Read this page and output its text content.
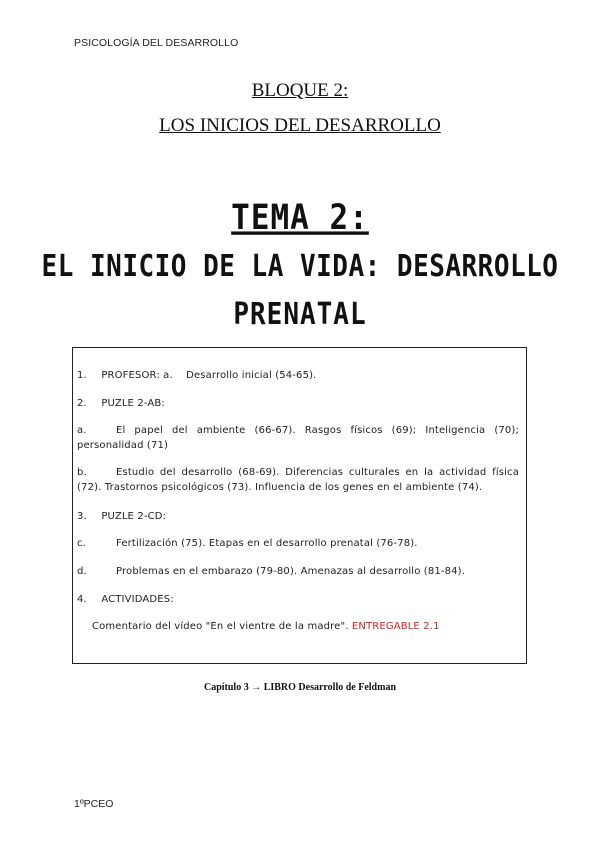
PSICOLOGÍA DEL DESARROLLO
BLOQUE 2:
LOS INICIOS DEL DESARROLLO
TEMA 2:
EL INICIO DE LA VIDA: DESARROLLO
PRENATAL
1. PROFESOR: a. Desarrollo inicial (54-65).
2. PUZLE 2-AB:
a.	El papel del ambiente (66-67). Rasgos físicos (69); Inteligencia (70); personalidad (71)
b.	Estudio del desarrollo (68-69). Diferencias culturales en la actividad física (72). Trastornos psicológicos (73). Influencia de los genes en el ambiente (74).
3. PUZLE 2-CD:
c.	Fertilización (75). Etapas en el desarrollo prenatal (76-78).
d.	Problemas en el embarazo (79-80). Amenazas al desarrollo (81-84).
4. ACTIVIDADES:
Comentario del vídeo "En el vientre de la madre". ENTREGABLE 2.1
Capítulo 3 → LIBRO Desarrollo de Feldman
1ºPCEO
